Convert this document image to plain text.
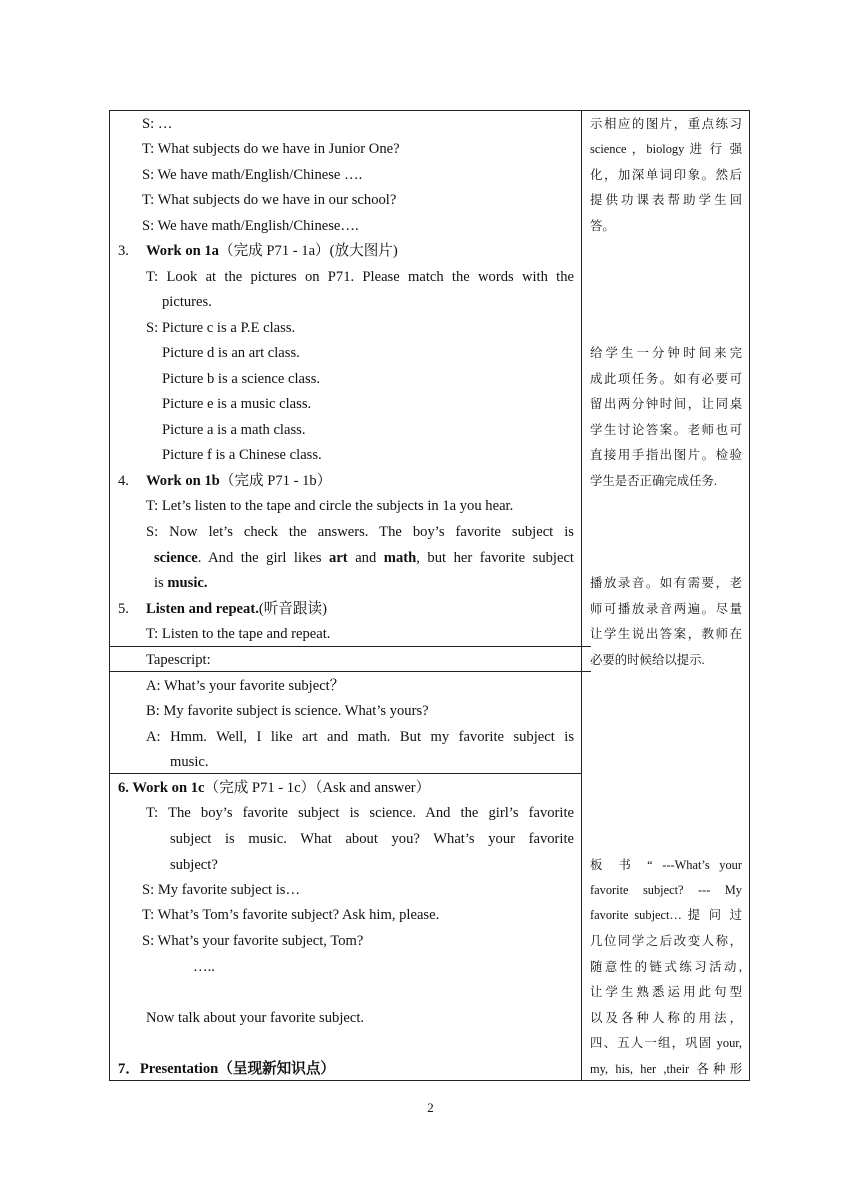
S: …
T: What subjects do we have in Junior One?
S: We have math/English/Chinese ….
T: What subjects do we have in our school?
S: We have math/English/Chinese….
3. Work on 1a（完成 P71 - 1a）(放大图片)
T: Look at the pictures on P71. Please match the words with the
pictures.
S: Picture c is a P.E class.
Picture d is an art class.
Picture b is a science class.
Picture e is a music class.
Picture a is a math class.
Picture f is a Chinese class.
4. Work on 1b（完成 P71 - 1b）
T: Let’s listen to the tape and circle the subjects in 1a you hear.
S: Now let’s check the answers. The boy’s favorite subject is
science. And the girl likes art and math, but her favorite subject
is music.
5. Listen and repeat.(听音跟读)
T: Listen to the tape and repeat.
Tapescript:
A: What’s your favorite subject？
B: My favorite subject is science. What’s yours?
A: Hmm. Well, I like art and math. But my favorite subject is
music.
6. Work on 1c（完成 P71 - 1c）（Ask and answer）
T: The boy’s favorite subject is science. And the girl’s favorite
subject is music. What about you? What’s your favorite
subject?
S: My favorite subject is…
T: What’s Tom’s favorite subject? Ask him, please.
S: What’s your favorite subject, Tom?
…..
Now talk about your favorite subject.
7．Presentation（呈现新知识点）
示相应的图片，重点练习
science ，biology 进 行 强
化，加深单词印象。然后
提供功课表帮助学生回
答。
给学生一分钟时间来完
成此项任务。如有必要可
留出两分钟时间，让同桌
学生讨论答案。老师也可
直接用手指出图片。检验
学生是否正确完成任务.
播放录音。如有需要，老
师可播放录音两遍。尽量
让学生说出答案，教师在
必要的时候给以提示.
板 书 “ ---What’s your
favorite subject? --- My
favorite subject… 提 问 过
几位同学之后改变人称，
随意性的链式练习活动,
让学生熟悉运用此句型
以及各种人称的用法，
四、五人一组，巩固 your,
my, his, her ,their 各种形
2
